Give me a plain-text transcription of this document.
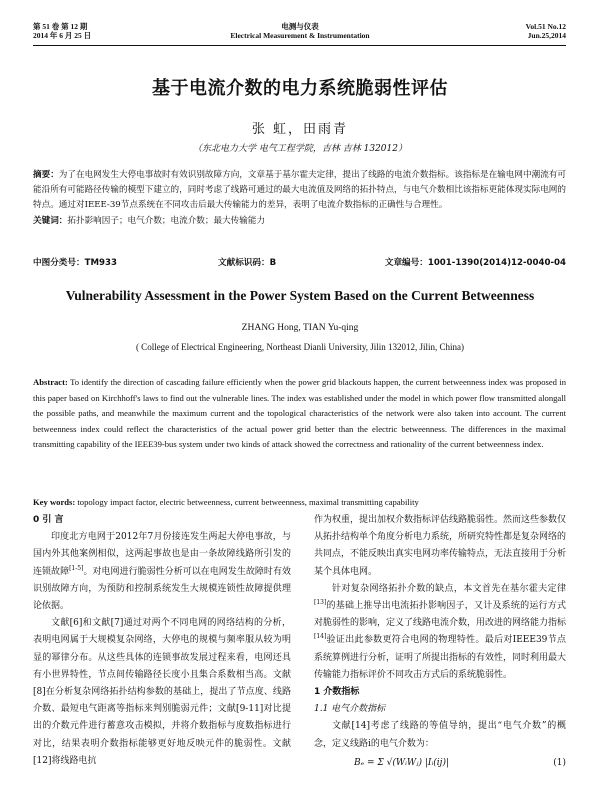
第 51 卷 第 12 期
2014 年 6 月 25 日
电测与仪表
Electrical Measurement & Instrumentation
Vol.51 No.12
Jun.25,2014
基于电流介数的电力系统脆弱性评估
张 虹，田雨青
（东北电力大学 电气工程学院，吉林 吉林 132012）
摘要：为了在电网发生大停电事故时有效识别故障方向，文章基于基尔霍夫定律，提出了线路的电流介数指标。该指标是在输电网中潮流有可能沿所有可能路径传输的模型下建立的，同时考虑了线路可通过的最大电流值及网络的拓扑特点，与电气介数相比该指标更能体现实际电网的特点。通过对IEEE-39节点系统在不同攻击后最大传输能力的差异，表明了电流介数指标的正确性与合理性。
关键词：拓扑影响因子；电气介数；电流介数；最大传输能力
中图分类号：TM933	文献标识码：B	文章编号：1001-1390(2014)12-0040-04
Vulnerability Assessment in the Power System Based on the Current Betweenness
ZHANG Hong, TIAN Yu-qing
( College of Electrical Engineering, Northeast Dianli University, Jilin 132012, Jilin, China)
Abstract: To identify the direction of cascading failure efficiently when the power grid blackouts happen, the current betweenness index was proposed in this paper based on Kirchhoff's laws to find out the vulnerable lines. The index was established under the model in which power flow transmitted alongall the possible paths, and meanwhile the maximum current and the topological characteristics of the network were also taken into account. The current betweenness index could reflect the characteristics of the actual power grid better than the electric betweenness. The differences in the maximal transmitting capability of the IEEE39-bus system under two kinds of attack showed the correctness and rationality of the current betweenness index.
Key words: topology impact factor, electric betweenness, current betweenness, maximal transmitting capability
0 引 言

印度北方电网于2012年7月份接连发生两起大停电事故，与国内外其他案例相似，这两起事故也是由一条故障线路所引发的连锁故障[1-5]。对电网进行脆弱性分析可以在电网发生故障时有效识别故障方向，为预防和控制系统发生大规模连锁性故障提供理论依据。

文献[6]和文献[7]通过对两个不同电网的网络结构的分析，表明电网属于大规模复杂网络，大停电的规模与频率服从较为明显的幂律分布。从这些具体的连锁事故发展过程来看，电网还具有小世界特性，节点间传输路径长度小且集合系数相当高。文献[8]在分析复杂网络拓扑结构参数的基础上，提出了节点度、线路介数、最短电气距离等指标来判别脆弱元件；文献[9-11]对比提出的介数元件进行蓄意攻击模拟，并将介数指标与度数指标进行对比，结果表明介数指标能够更好地反映元件的脆弱性。文献[12]将线路电抗

作为权重，提出加权介数指标评估线路脆弱性。然而这些参数仅从拓扑结构单个角度分析电力系统，所研究特性都是复杂网络的共同点，不能反映出真实电网功率传输特点，无法直接用于分析某个具体电网。

针对复杂网络拓扑介数的缺点，本文首先在基尔霍夫定律[13]的基础上推导出电流拓扑影响因子，又计及系统的运行方式对脆弱性的影响，定义了线路电流介数，用改进的网络能力指标[14]验证出此参数更符合电网的物理特性。最后对IEEE39节点系统算例进行分析，证明了所提出指标的有效性，同时利用最大传输能力指标评价不同攻击方式后的系统脆弱性。

1 介数指标
1.1 电气介数指标

文献[14]考虑了线路的等值导纳，提出“电气介数”的概念，定义线路i的电气介数为：

Bₑ = Σ √(WᵢWⱼ) |Iᵢ(ij)|	(1)
